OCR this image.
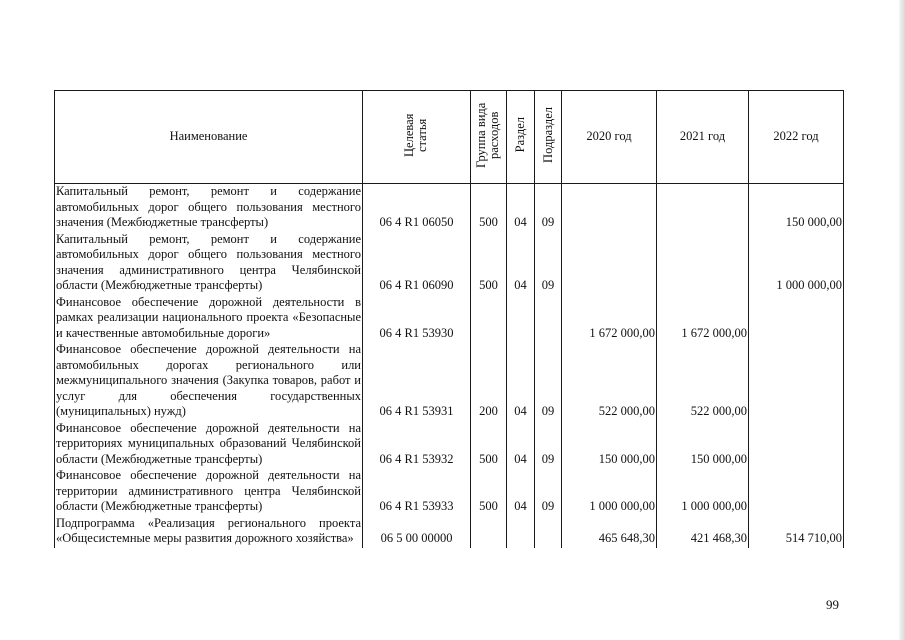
Наименование	Целевая статья	Группа вида расходов	Раздел	Подраздел	2020 год	2021 год	2022 год
Капитальный ремонт, ремонт и содержание автомобильных дорог общего пользования местного значения (Межбюджетные трансферты)	06 4 R1 06050	500	04	09			150 000,00
Капитальный ремонт, ремонт и содержание автомобильных дорог общего пользования местного значения административного центра Челябинской области (Межбюджетные трансферты)	06 4 R1 06090	500	04	09			1 000 000,00
Финансовое обеспечение дорожной деятельности в рамках реализации национального проекта «Безопасные и качественные автомобильные дороги»	06 4 R1 53930				1 672 000,00	1 672 000,00	
Финансовое обеспечение дорожной деятельности на автомобильных дорогах регионального или межмуниципального значения (Закупка товаров, работ и услуг для обеспечения государственных (муниципальных) нужд)	06 4 R1 53931	200	04	09	522 000,00	522 000,00	
Финансовое обеспечение дорожной деятельности на территориях муниципальных образований Челябинской области (Межбюджетные трансферты)	06 4 R1 53932	500	04	09	150 000,00	150 000,00	
Финансовое обеспечение дорожной деятельности на территории административного центра Челябинской области (Межбюджетные трансферты)	06 4 R1 53933	500	04	09	1 000 000,00	1 000 000,00	
Подпрограмма «Реализация регионального проекта «Общесистемные меры развития дорожного хозяйства»	06 5 00 00000				465 648,30	421 468,30	514 710,00
99
